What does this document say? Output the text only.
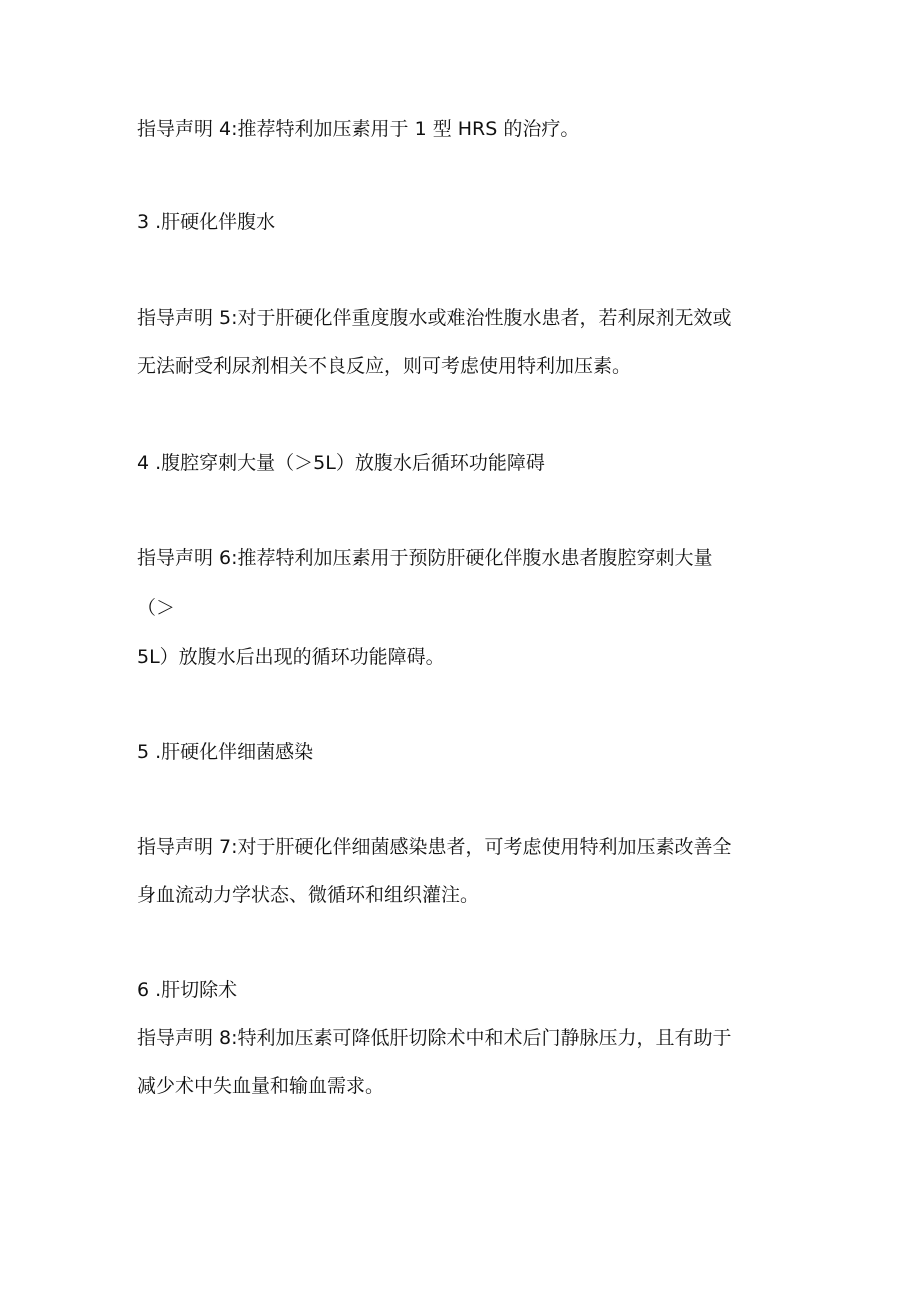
指导声明 4:推荐特利加压素用于 1 型 HRS 的治疗。

3 .肝硬化伴腹水

指导声明 5:对于肝硬化伴重度腹水或难治性腹水患者，若利尿剂无效或

无法耐受利尿剂相关不良反应，则可考虑使用特利加压素。

4 .腹腔穿刺大量（＞5L）放腹水后循环功能障碍

指导声明 6:推荐特利加压素用于预防肝硬化伴腹水患者腹腔穿刺大量

（＞

5L）放腹水后出现的循环功能障碍。

5 .肝硬化伴细菌感染

指导声明 7:对于肝硬化伴细菌感染患者，可考虑使用特利加压素改善全

身血流动力学状态、微循环和组织灌注。

6 .肝切除术

指导声明 8:特利加压素可降低肝切除术中和术后门静脉压力，且有助于

减少术中失血量和输血需求。
